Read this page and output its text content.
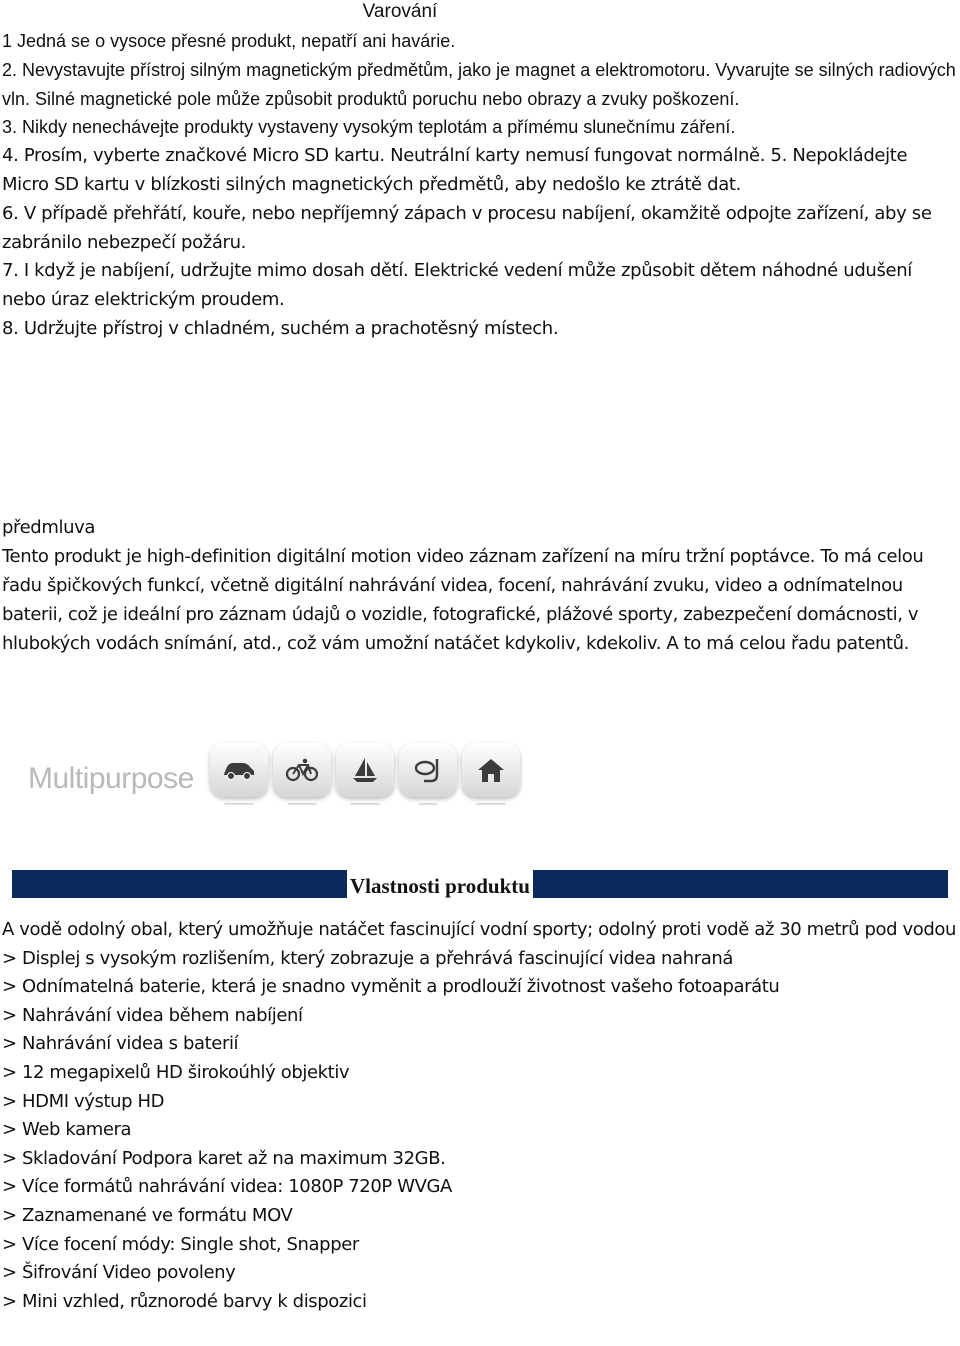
Varování

1 Jedná se o vysoce přesné produkt, nepatří ani havárie.

2. Nevystavujte přístroj silným magnetickým předmětům, jako je magnet a elektromotoru. Vyvarujte se silných radiových vln. Silné magnetické pole může způsobit produktů poruchu nebo obrazy a zvuky poškození.

3. Nikdy nenechávejte produkty vystaveny vysokým teplotám a přímému slunečnímu záření.

4. Prosím, vyberte značkové Micro SD kartu. Neutrální karty nemusí fungovat normálně. 5. Nepokládejte Micro SD kartu v blízkosti silných magnetických předmětů, aby nedošlo ke ztrátě dat.

6. V případě přehřátí, kouře, nebo nepříjemný zápach v procesu nabíjení, okamžitě odpojte zařízení, aby se zabránilo nebezpečí požáru.

7. I když je nabíjení, udržujte mimo dosah dětí. Elektrické vedení může způsobit dětem náhodné udušení nebo úraz elektrickým proudem.

8. Udržujte přístroj v chladném, suchém a prachotěsný místech.

předmluva

Tento produkt je high-definition digitální motion video záznam zařízení na míru tržní poptávce. To má celou řadu špičkových funkcí, včetně digitální nahrávání videa, focení, nahrávání zvuku, video a odnímatelnou baterii, což je ideální pro záznam údajů o vozidle, fotografické, plážové sporty, zabezpečení domácnosti, v hlubokých vodách snímání, atd., což vám umožní natáčet kdykoliv, kdekoliv. A to má celou řadu patentů.

Multipurpose
━━━━━━━━	━━━━━━━━	━━━━━━━━	━━━━━	━━━━━━━━
Vlastnosti produktu
A vodě odolný obal, který umožňuje natáčet fascinující vodní sporty; odolný proti vodě až 30 metrů pod vodou
> Displej s vysokým rozlišením, který zobrazuje a přehrává fascinující videa nahraná
> Odnímatelná baterie, která je snadno vyměnit a prodlouží životnost vašeho fotoaparátu
> Nahrávání videa během nabíjení
> Nahrávání videa s baterií
> 12 megapixelů HD širokoúhlý objektiv
> HDMI výstup HD
> Web kamera
> Skladování Podpora karet až na maximum 32GB.
> Více formátů nahrávání videa: 1080P 720P WVGA
> Zaznamenané ve formátu MOV
> Více focení módy: Single shot, Snapper
> Šifrování Video povoleny
> Mini vzhled, různorodé barvy k dispozici
